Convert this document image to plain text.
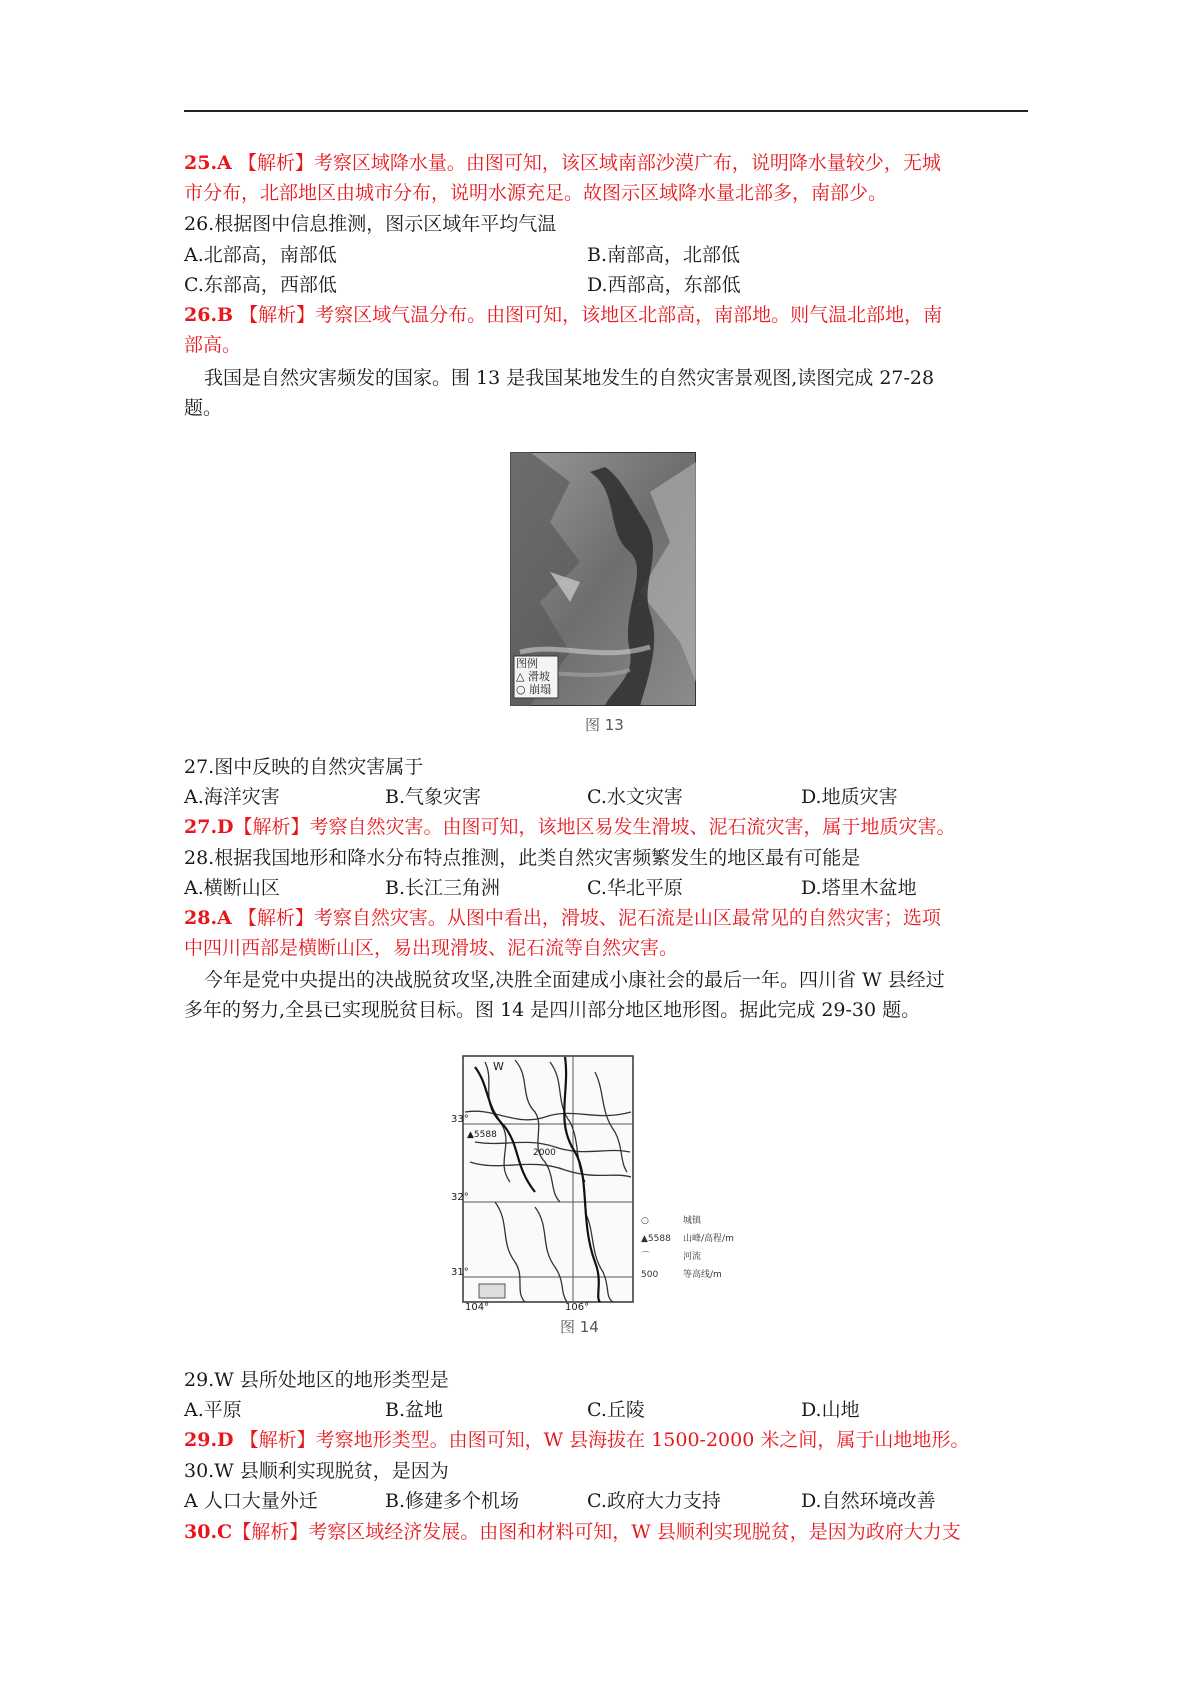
25.A 【解析】考察区域降水量。由图可知，该区域南部沙漠广布，说明降水量较少，无城
市分布，北部地区由城市分布，说明水源充足。故图示区域降水量北部多，南部少。
26.根据图中信息推测，图示区域年平均气温
A.北部高，南部低	B.南部高，北部低
C.东部高，西部低	D.西部高，东部低
26.B 【解析】考察区域气温分布。由图可知，该地区北部高，南部地。则气温北部地，南
部高。
我国是自然灾害频发的国家。围 13 是我国某地发生的自然灾害景观图,读图完成 27-28
题。
图例
△ 滑坡
○ 崩塌
图 13
27.图中反映的自然灾害属于
A.海洋灾害	B.气象灾害	C.水文灾害	D.地质灾害
27.D【解析】考察自然灾害。由图可知，该地区易发生滑坡、泥石流灾害，属于地质灾害。
28.根据我国地形和降水分布特点推测，此类自然灾害频繁发生的地区最有可能是
A.横断山区	B.长江三角洲	C.华北平原	D.塔里木盆地
28.A 【解析】考察自然灾害。从图中看出，滑坡、泥石流是山区最常见的自然灾害；选项
中四川西部是横断山区，易出现滑坡、泥石流等自然灾害。
今年是党中央提出的决战脱贫攻坚,决胜全面建成小康社会的最后一年。四川省 W 县经过
多年的努力,全县已实现脱贫目标。图 14 是四川部分地区地形图。据此完成 29-30 题。
W
33°
32°
31°
104°	106°
▲5588
2000
○	城镇
▲5588 山峰/高程/m
⌒	河流
500	等高线/m
图 14
29.W 县所处地区的地形类型是
A.平原	B.盆地	C.丘陵	D.山地
29.D 【解析】考察地形类型。由图可知，W 县海拔在 1500-2000 米之间，属于山地地形。
30.W 县顺利实现脱贫，是因为
A 人口大量外迁	B.修建多个机场	C.政府大力支持	D.自然环境改善
30.C【解析】考察区域经济发展。由图和材料可知，W 县顺利实现脱贫，是因为政府大力支
